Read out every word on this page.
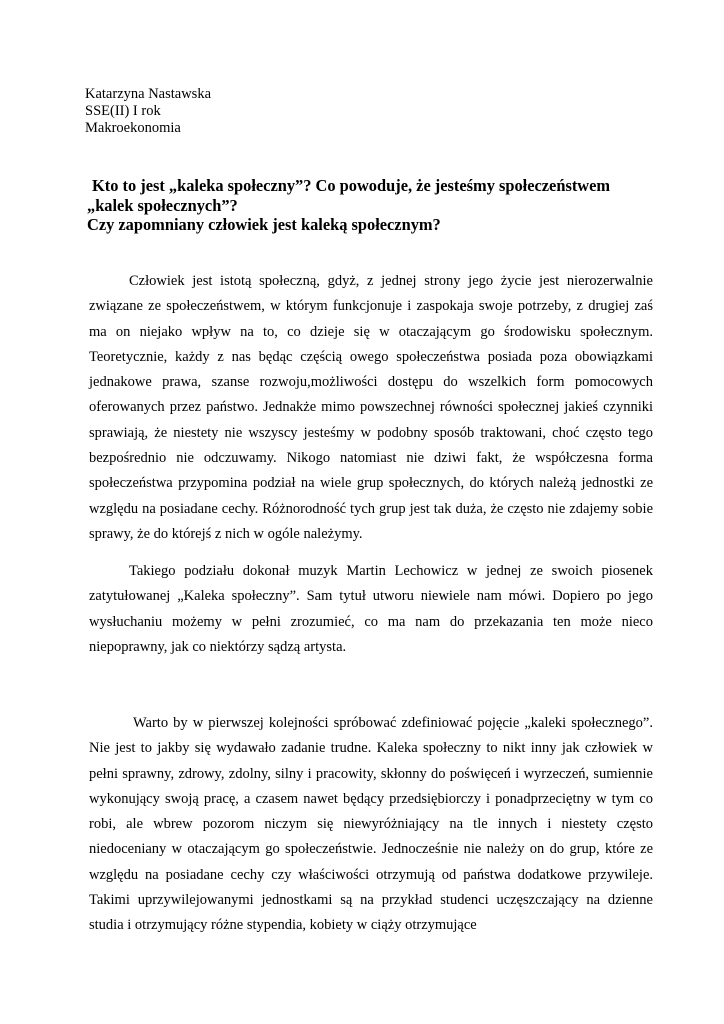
Katarzyna Nastawska
SSE(II) I rok
Makroekonomia
Kto to jest „kaleka społeczny”? Co powoduje, że jesteśmy społeczeństwem
„kalek społecznych”?
Czy zapomniany człowiek jest kaleką społecznym?

Człowiek jest istotą społeczną, gdyż, z jednej strony jego życie jest nierozerwalnie związane ze społeczeństwem, w którym funkcjonuje i zaspokaja swoje potrzeby, z drugiej zaś ma on niejako wpływ na to, co dzieje się w otaczającym go środowisku społecznym. Teoretycznie, każdy z nas będąc częścią owego społeczeństwa posiada poza obowiązkami jednakowe prawa, szanse rozwoju,możliwości dostępu do wszelkich form pomocowych oferowanych przez państwo. Jednakże mimo powszechnej równości społecznej jakieś czynniki sprawiają, że niestety nie wszyscy jesteśmy w podobny sposób traktowani, choć często tego bezpośrednio nie odczuwamy. Nikogo natomiast nie dziwi fakt, że współczesna forma społeczeństwa przypomina podział na wiele grup społecznych, do których należą jednostki ze względu na posiadane cechy. Różnorodność tych grup jest tak duża, że często nie zdajemy sobie sprawy, że do którejś z nich w ogóle należymy.

Takiego podziału dokonał muzyk Martin Lechowicz w jednej ze swoich piosenek zatytułowanej „Kaleka społeczny”. Sam tytuł utworu niewiele nam mówi. Dopiero po jego wysłuchaniu możemy w pełni zrozumieć, co ma nam do przekazania ten może nieco niepoprawny, jak co niektórzy sądzą artysta.

Warto by w pierwszej kolejności spróbować zdefiniować pojęcie „kaleki społecznego”. Nie jest to jakby się wydawało zadanie trudne. Kaleka społeczny to nikt inny jak człowiek w pełni sprawny, zdrowy, zdolny, silny i pracowity, skłonny do poświęceń i wyrzeczeń, sumiennie wykonujący swoją pracę, a czasem nawet będący przedsiębiorczy i ponadprzeciętny w tym co robi, ale wbrew pozorom niczym się niewyróżniający na tle innych i niestety często niedoceniany w otaczającym go społeczeństwie. Jednocześnie nie należy on do grup, które ze względu na posiadane cechy czy właściwości otrzymują od państwa dodatkowe przywileje. Takimi uprzywilejowanymi jednostkami są na przykład studenci uczęszczający na dzienne studia i otrzymujący różne stypendia, kobiety w ciąży otrzymujące
